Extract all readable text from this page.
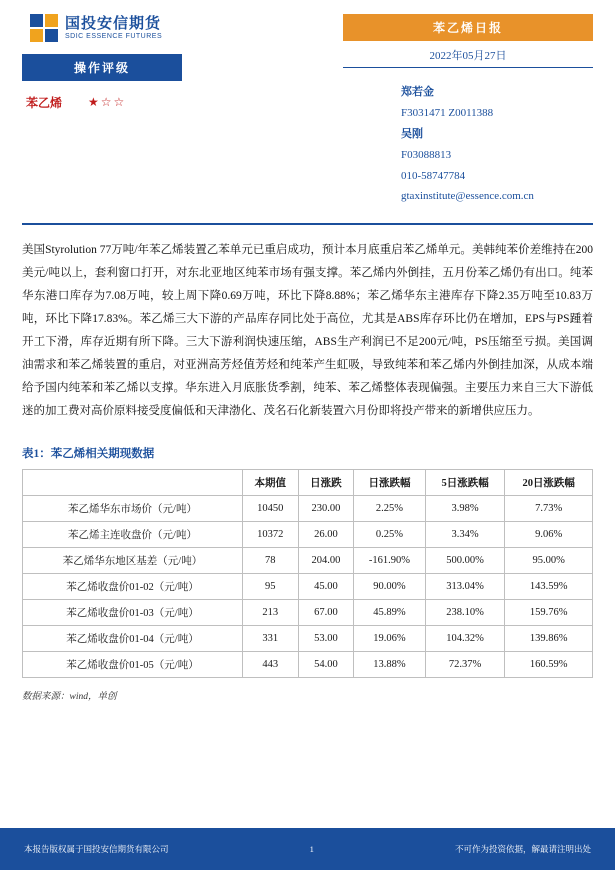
国投安信期货
SDIC ESSENCE FUTURES
操作评级
苯乙烯 ★☆☆
苯乙烯日报
2022年05月27日
郑若金
F3031471 Z0011388
吴刚
F03088813
010-58747784
gtaxinstitute@essence.com.cn
美国Styrolution 77万吨/年苯乙烯装置乙苯单元已重启成功，预计本月底重启苯乙烯单元。美韩纯苯价差维持在200美元/吨以上，套利窗口打开，对东北亚地区纯苯市场有强支撑。苯乙烯内外倒挂，五月份苯乙烯仍有出口。纯苯华东港口库存为7.08万吨，较上周下降0.69万吨，环比下降8.88%；苯乙烯华东主港库存下降2.35万吨至10.83万吨，环比下降17.83%。苯乙烯三大下游的产品库存同比处于高位，尤其是ABS库存环比仍在增加，EPS与PS踵着开工下滑，库存近期有所下降。三大下游利润快速压缩，ABS生产利润已不足200元/吨，PS压缩至亏损。美国调油需求和苯乙烯装置的重启，对亚洲高芳烃值芳烃和纯苯产生虹吸，导致纯苯和苯乙烯内外倒挂加深，从成本端给予国内纯苯和苯乙烯以支撑。华东进入月底胀货季割，纯苯、苯乙烯整体表现偏强。主要压力来自三大下游低迷的加工费对高价原料接受度偏低和天津渤化、茂名石化新装置六月份即将投产带来的新增供应压力。
表1：苯乙烯相关期现数据
	本期值	日涨跌	日涨跌幅	5日涨跌幅	20日涨跌幅
苯乙烯华东市场价（元/吨）	10450	230.00	2.25%	3.98%	7.73%
苯乙烯主连收盘价（元/吨）	10372	26.00	0.25%	3.34%	9.06%
苯乙烯华东地区基差（元/吨）	78	204.00	-161.90%	500.00%	95.00%
苯乙烯收盘价01-02（元/吨）	95	45.00	90.00%	313.04%	143.59%
苯乙烯收盘价01-03（元/吨）	213	67.00	45.89%	238.10%	159.76%
苯乙烯收盘价01-04（元/吨）	331	53.00	19.06%	104.32%	139.86%
苯乙烯收盘价01-05（元/吨）	443	54.00	13.88%	72.37%	160.59%
数据来源：wind，单创
本报告版权属于国投安信期货有限公司	1	不可作为投资依据，解最请注明出处
